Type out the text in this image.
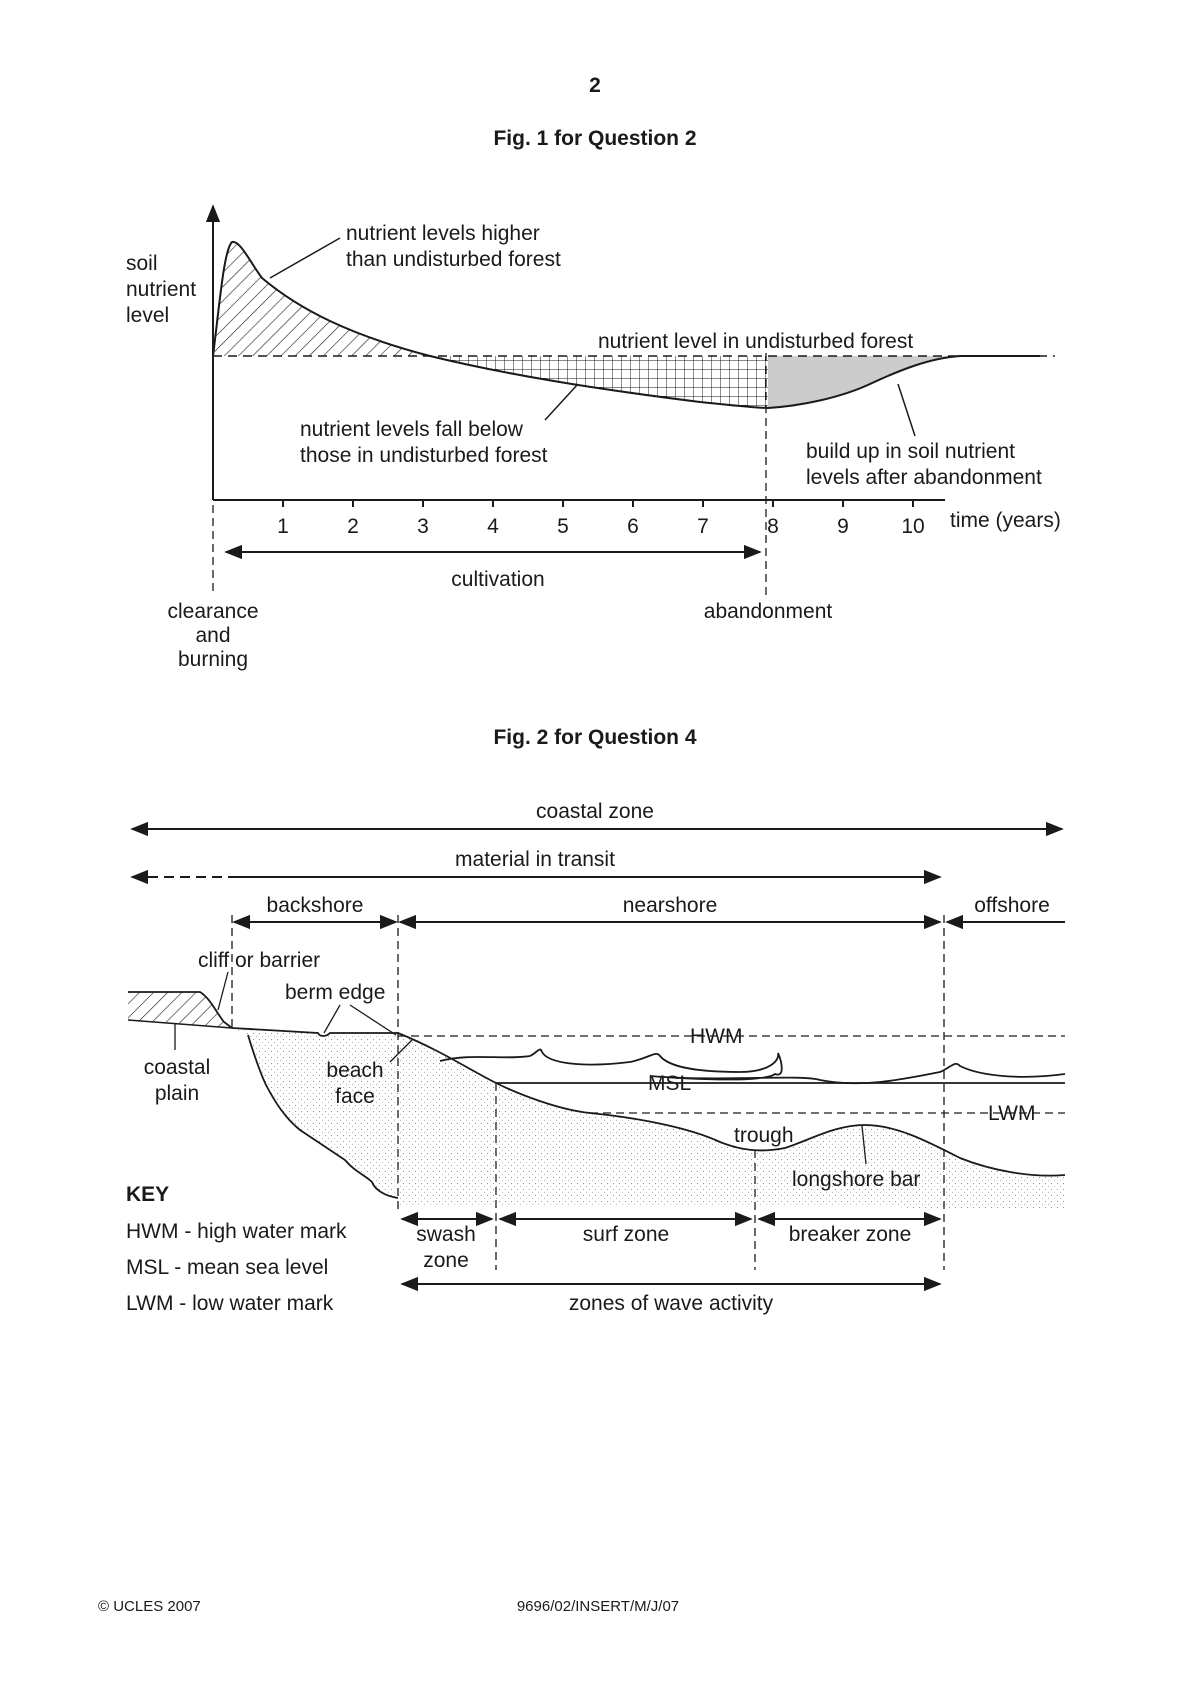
2
Fig. 1 for Question 2
1	2	3	4	5	6	7	8	9 10 time (years)
soil
nutrient
level
nutrient levels higher
than undisturbed forest
nutrient level in undisturbed forest
nutrient levels fall below
those in undisturbed forest	build up in soil nutrient
levels after abandonment
cultivation
clearance
and
burning
abandonment
Fig. 2 for Question 4
coastal zone
material in transit
backshore	nearshore	offshore
cliff or barrier
berm edge
HWM
MSL
LWM
coastal
plain
beach
face
trough
longshore bar
swash
zone
surf zone	breaker zone
zones of wave activity
KEY
HWM - high water mark
MSL - mean sea level
LWM - low water mark
© UCLES 2007	9696/02/INSERT/M/J/07
